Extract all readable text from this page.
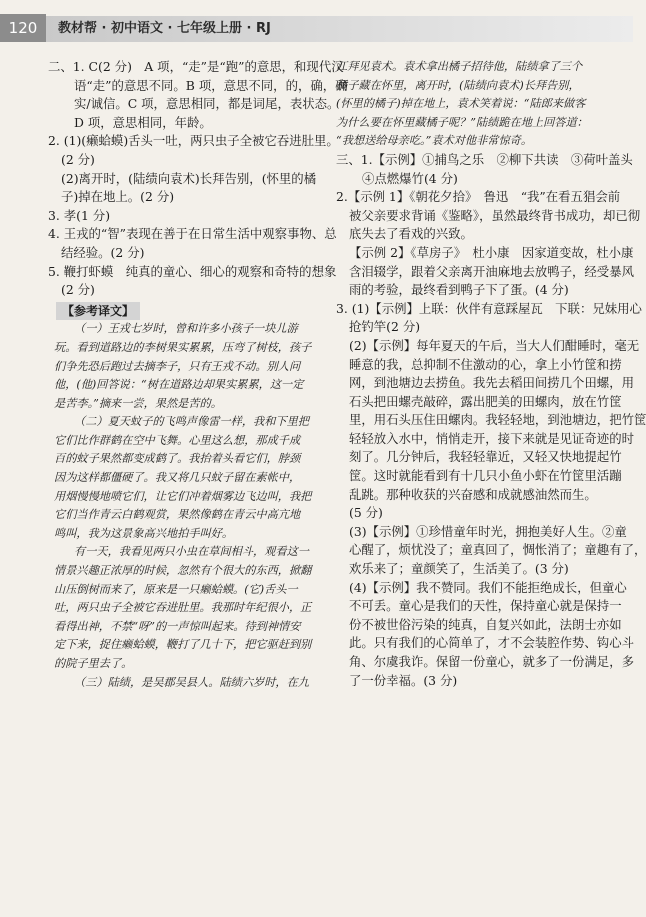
120	教材帮 · 初中语文 · 七年级上册 · RJ
二、1. C(2 分)　A 项，“走”是“跑”的意思，和现代汉
语“走”的意思不同。B 项，意思不同，的，确，确
实/诚信。C 项，意思相同，都是词尾，表状态。
D 项，意思相同，年龄。
2. (1)(癞蛤蟆)舌头一吐，两只虫子全被它吞进肚里。
(2 分)
(2)离开时，(陆绩向袁术)长拜告别，(怀里的橘
子)掉在地上。(2 分)
3. 孝(1 分)
4. 王戎的“智”表现在善于在日常生活中观察事物、总
结经验。(2 分)
5. 鞭打虾蟆　纯真的童心、细心的观察和奇特的想象
(2 分)
【参考译文】
（一）王戎七岁时，曾和许多小孩子一块儿游
玩。看到道路边的李树果实累累，压弯了树枝，孩子
们争先恐后跑过去摘李子，只有王戎不动。别人问
他，(他)回答说：“树在道路边却果实累累，这一定
是苦李。”摘来一尝，果然是苦的。
（二）夏天蚊子的飞鸣声像雷一样，我和下里把
它们比作群鹤在空中飞舞。心里这么想，那成千成
百的蚊子果然都变成鹤了。我抬着头看它们，脖颈
因为这样都僵硬了。我又将几只蚊子留在素帐中，
用烟慢慢地喷它们，让它们冲着烟雾边飞边叫，我把
它们当作青云白鹤观赏，果然像鹤在青云中高亢地
鸣叫，我为这景象高兴地拍手叫好。
有一天，我看见两只小虫在草间相斗，观看这一
情景兴趣正浓厚的时候，忽然有个很大的东西，掀翻
山压倒树而来了，原来是一只癞蛤蟆。(它)舌头一
吐，两只虫子全被它吞进肚里。我那时年纪很小，正
看得出神，不禁“呀”的一声惊叫起来。待到神情安
定下来，捉住癞蛤蟆，鞭打了几十下，把它驱赶到别
的院子里去了。
（三）陆绩，是吴郡吴县人。陆绩六岁时，在九
江拜见袁术。袁术拿出橘子招待他，陆绩拿了三个
橘子藏在怀里，离开时，(陆绩向袁术)长拜告别，
(怀里的橘子)掉在地上，袁术笑着说：“陆郎来做客
为什么要在怀里藏橘子呢？”陆绩跪在地上回答道：
“我想送给母亲吃。”袁术对他非常惊奇。
三、1.【示例】①捕鸟之乐　②柳下共读　③荷叶盖头
④点燃爆竹(4 分)
2.【示例 1】《朝花夕拾》　鲁迅　“我”在看五猖会前
被父亲要求背诵《鉴略》，虽然最终背书成功，却已彻
底失去了看戏的兴致。
【示例 2】《草房子》　杜小康　因家道变故，杜小康
含泪辍学，跟着父亲离开油麻地去放鸭子，经受暴风
雨的考验，最终看到鸭子下了蛋。(4 分)
3. (1)【示例】上联：伙伴有意踩屋瓦　下联：兄妹用心
抢钓竿(2 分)
(2)【示例】每年夏天的午后，当大人们酣睡时，毫无
睡意的我，总抑制不住激动的心，拿上小竹筐和捞
网，到池塘边去捞鱼。我先去稻田间捞几个田螺，用
石头把田螺壳敲碎，露出肥美的田螺肉，放在竹筐
里，用石头压住田螺肉。我轻轻地，到池塘边，把竹筐
轻轻放入水中，悄悄走开，接下来就是见证奇迹的时
刻了。几分钟后，我轻轻靠近，又轻又快地提起竹
筐。这时就能看到有十几只小鱼小虾在竹筐里活蹦
乱跳。那种收获的兴奋感和成就感油然而生。
(5 分)
(3)【示例】①珍惜童年时光，拥抱美好人生。②童
心醒了，烦忧没了；童真回了，惆怅消了；童趣有了，
欢乐来了；童颜笑了，生活美了。(3 分)
(4)【示例】我不赞同。我们不能拒绝成长，但童心
不可丢。童心是我们的天性，保持童心就是保持一
份不被世俗污染的纯真，自复兴如此，法朗士亦如
此。只有我们的心简单了，才不会装腔作势、钩心斗
角、尔虞我诈。保留一份童心，就多了一份满足，多
了一份幸福。(3 分)
